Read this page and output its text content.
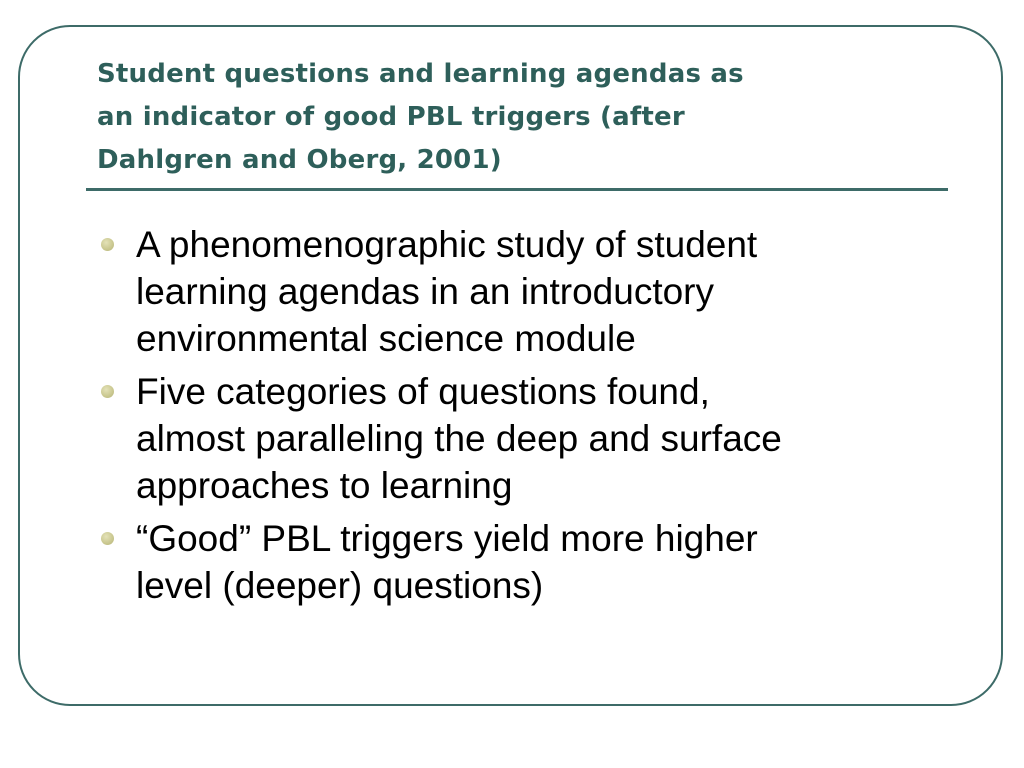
Student questions and learning agendas as
an indicator of good PBL triggers (after
Dahlgren and Oberg, 2001)
A phenomenographic study of student
learning agendas in an introductory
environmental science module
Five categories of questions found,
almost paralleling the deep and surface
approaches to learning
“Good” PBL triggers yield more higher
level (deeper) questions)
